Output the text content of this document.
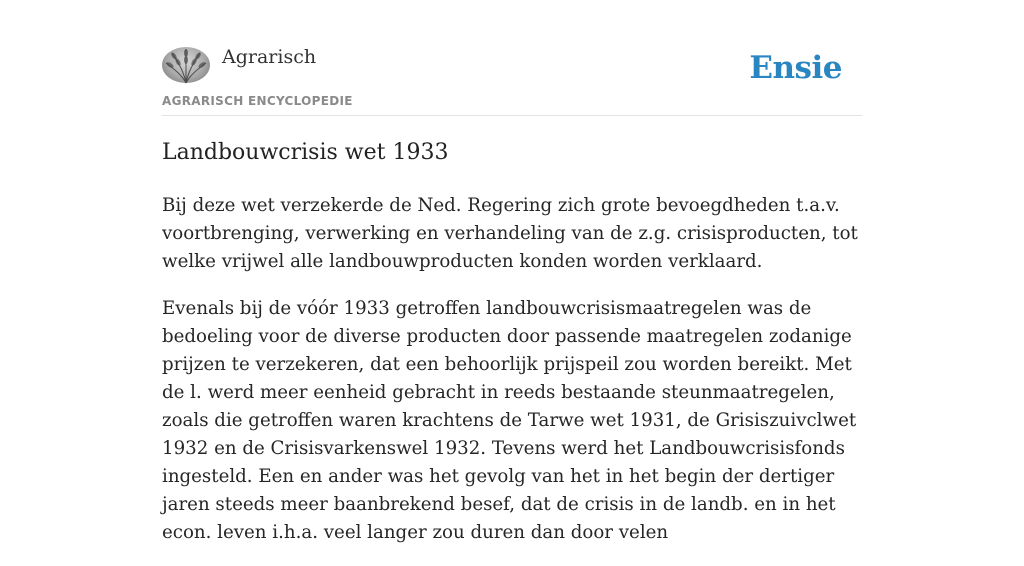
Agrarisch
AGRARISCH ENCYCLOPEDIE
Ensie
Landbouwcrisis wet 1933

Bij deze wet verzekerde de Ned. Regering zich grote bevoegdheden t.a.v. voortbrenging, verwerking en verhandeling van de z.g. crisisproducten, tot welke vrijwel alle landbouwproducten konden worden verklaard.

Evenals bij de vóór 1933 getroffen landbouwcrisismaatregelen was de bedoeling voor de diverse producten door passende maatregelen zodanige prijzen te verzekeren, dat een behoorlijk prijspeil zou worden bereikt. Met de l. werd meer eenheid gebracht in reeds bestaande steunmaatregelen, zoals die getroffen waren krachtens de Tarwe wet 1931, de Grisiszuivclwet 1932 en de Crisisvarkenswel 1932. Tevens werd het Landbouwcrisisfonds ingesteld. Een en ander was het gevolg van het in het begin der dertiger jaren steeds meer baanbrekend besef, dat de crisis in de landb. en in het econ. leven i.h.a. veel langer zou duren dan door velen
